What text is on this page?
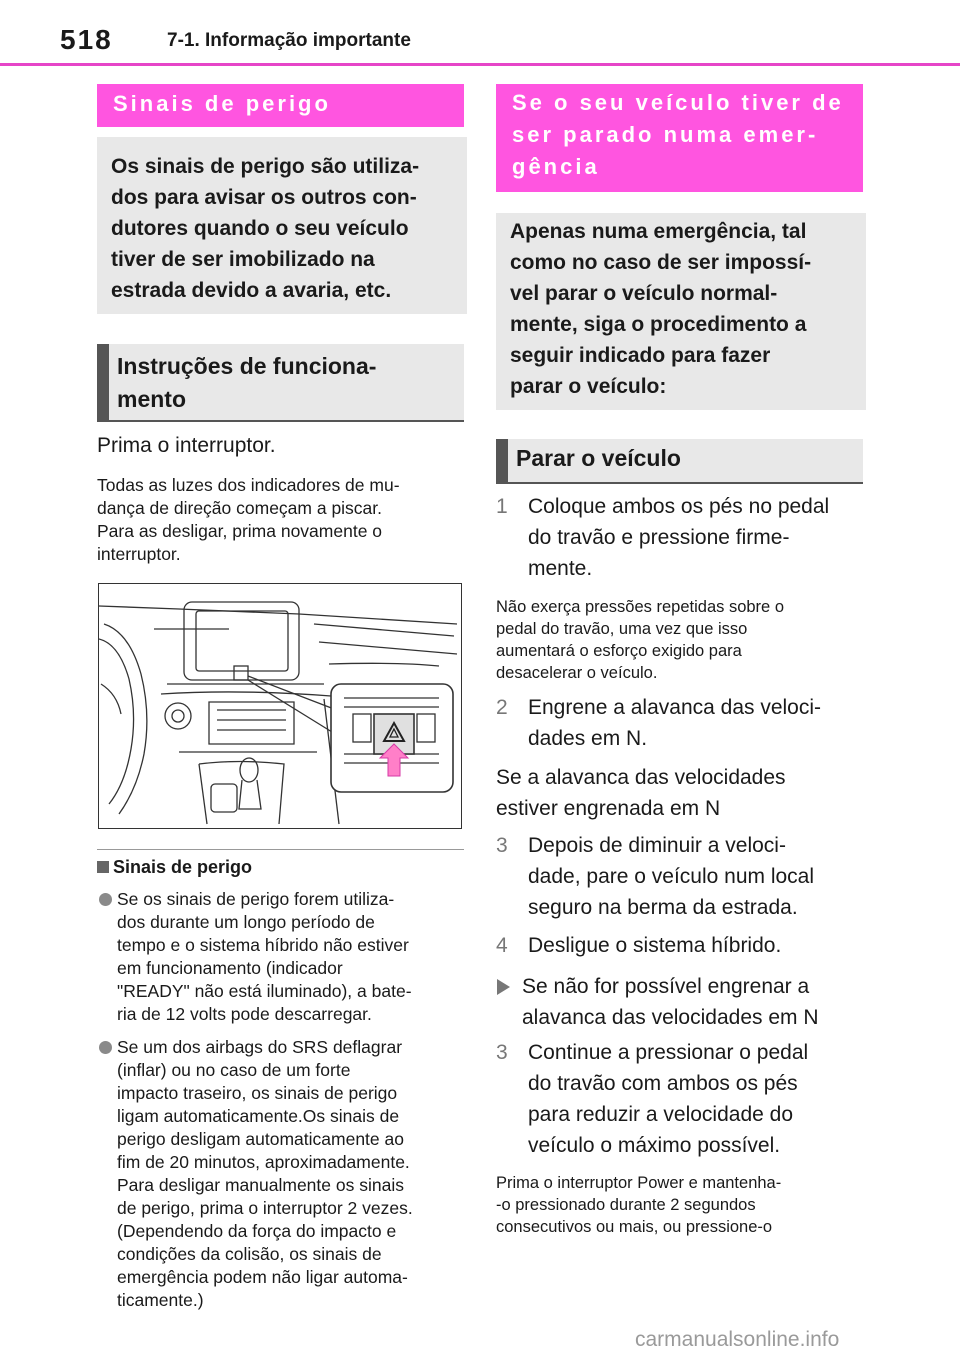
518	7-1. Informação importante
Sinais de perigo
Os sinais de perigo são utiliza-
dos para avisar os outros con-
dutores quando o seu veículo
tiver de ser imobilizado na
estrada devido a avaria, etc.
Instruções de funciona-
mento
Prima o interruptor.
Todas as luzes dos indicadores de mu-
dança de direção começam a piscar.
Para as desligar, prima novamente o
interruptor.
Sinais de perigo
Se os sinais de perigo forem utiliza-
dos durante um longo período de
tempo e o sistema híbrido não estiver
em funcionamento (indicador
"READY" não está iluminado), a bate-
ria de 12 volts pode descarregar.
Se um dos airbags do SRS deflagrar
(inflar) ou no caso de um forte
impacto traseiro, os sinais de perigo
ligam automaticamente.Os sinais de
perigo desligam automaticamente ao
fim de 20 minutos, aproximadamente.
Para desligar manualmente os sinais
de perigo, prima o interruptor 2 vezes.
(Dependendo da força do impacto e
condições da colisão, os sinais de
emergência podem não ligar automa-
ticamente.)
Se o seu veículo tiver de
ser parado numa emer-
gência
Apenas numa emergência, tal
como no caso de ser impossí-
vel parar o veículo normal-
mente, siga o procedimento a
seguir indicado para fazer
parar o veículo:
Parar o veículo
1 Coloque ambos os pés no pedal
do travão e pressione firme-
mente.
Não exerça pressões repetidas sobre o
pedal do travão, uma vez que isso
aumentará o esforço exigido para
desacelerar o veículo.
2 Engrene a alavanca das veloci-
dades em N.
Se a alavanca das velocidades
estiver engrenada em N
3 Depois de diminuir a veloci-
dade, pare o veículo num local
seguro na berma da estrada.
4 Desligue o sistema híbrido.
Se não for possível engrenar a
alavanca das velocidades em N
3 Continue a pressionar o pedal
do travão com ambos os pés
para reduzir a velocidade do
veículo o máximo possível.
Prima o interruptor Power e mantenha-
-o pressionado durante 2 segundos
consecutivos ou mais, ou pressione-o
carmanualsonline.info
